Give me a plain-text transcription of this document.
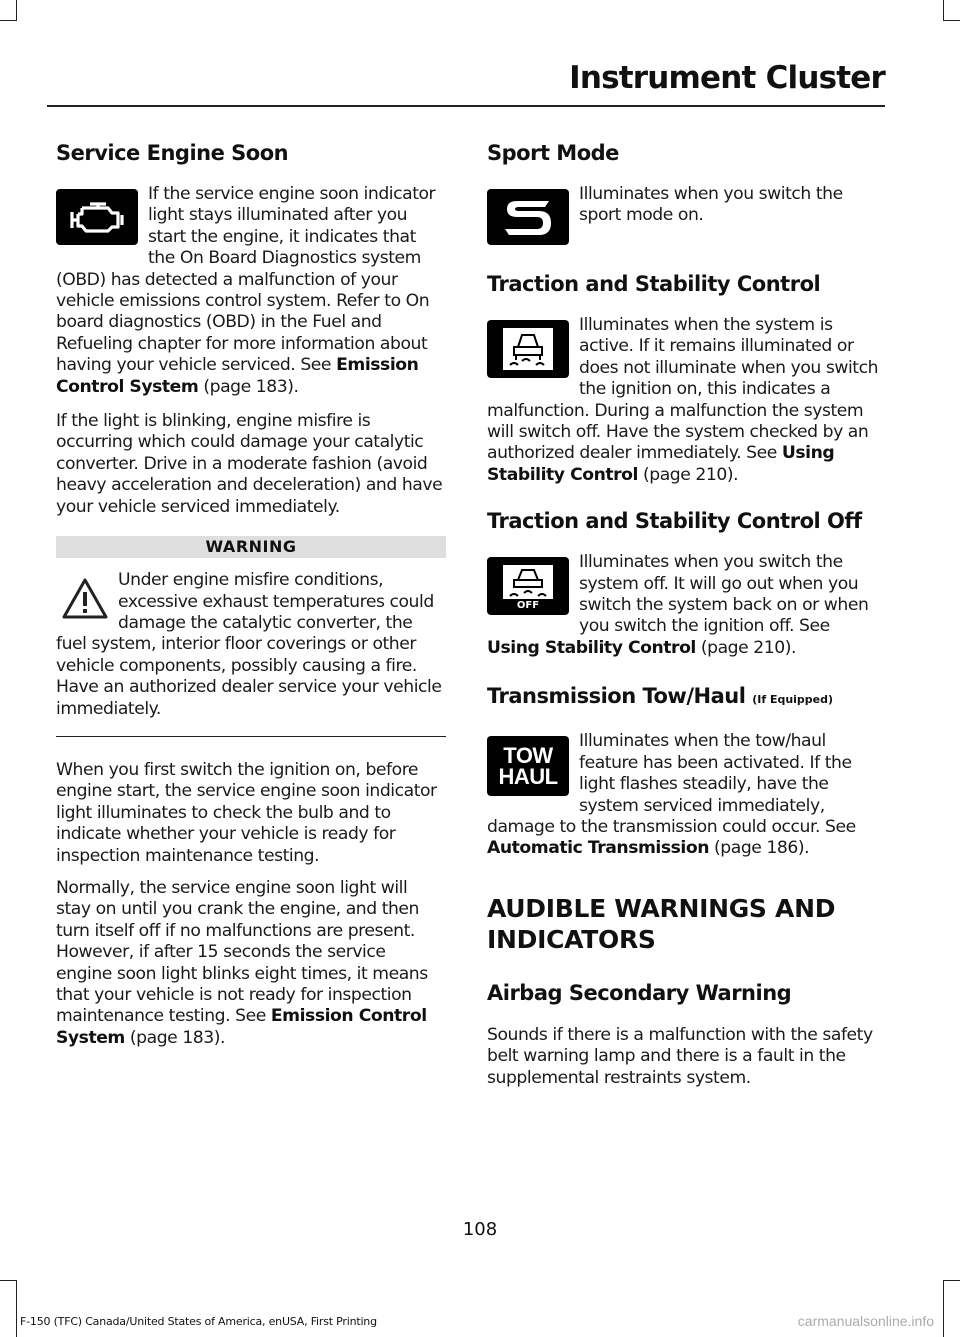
Instrument Cluster
Service Engine Soon

If the service engine soon indicator light stays illuminated after you start the engine, it indicates that the On Board Diagnostics system (OBD) has detected a malfunction of your vehicle emissions control system. Refer to On board diagnostics (OBD) in the Fuel and Refueling chapter for more information about having your vehicle serviced. See Emission Control System (page 183).

If the light is blinking, engine misfire is occurring which could damage your catalytic converter. Drive in a moderate fashion (avoid heavy acceleration and deceleration) and have your vehicle serviced immediately.

WARNING

Under engine misfire conditions, excessive exhaust temperatures could damage the catalytic converter, the fuel system, interior floor coverings or other vehicle components, possibly causing a fire. Have an authorized dealer service your vehicle immediately.

When you first switch the ignition on, before engine start, the service engine soon indicator light illuminates to check the bulb and to indicate whether your vehicle is ready for inspection maintenance testing.

Normally, the service engine soon light will stay on until you crank the engine, and then turn itself off if no malfunctions are present. However, if after 15 seconds the service engine soon light blinks eight times, it means that your vehicle is not ready for inspection maintenance testing. See Emission Control System (page 183).

Sport Mode

Illuminates when you switch the sport mode on.

Traction and Stability Control

Illuminates when the system is active. If it remains illuminated or does not illuminate when you switch the ignition on, this indicates a malfunction. During a malfunction the system will switch off. Have the system checked by an authorized dealer immediately. See Using Stability Control (page 210).

Traction and Stability Control Off
OFF

Illuminates when you switch the system off. It will go out when you switch the system back on or when you switch the ignition off. See Using Stability Control (page 210).

Transmission Tow/Haul (If Equipped)
TOW
HAUL

Illuminates when the tow/haul feature has been activated. If the light flashes steadily, have the system serviced immediately, damage to the transmission could occur. See Automatic Transmission (page 186).

AUDIBLE WARNINGS AND
INDICATORS
Airbag Secondary Warning

Sounds if there is a malfunction with the safety belt warning lamp and there is a fault in the supplemental restraints system.

108
F-150 (TFC) Canada/United States of America, enUSA, First Printing	carmanualsonline.info
